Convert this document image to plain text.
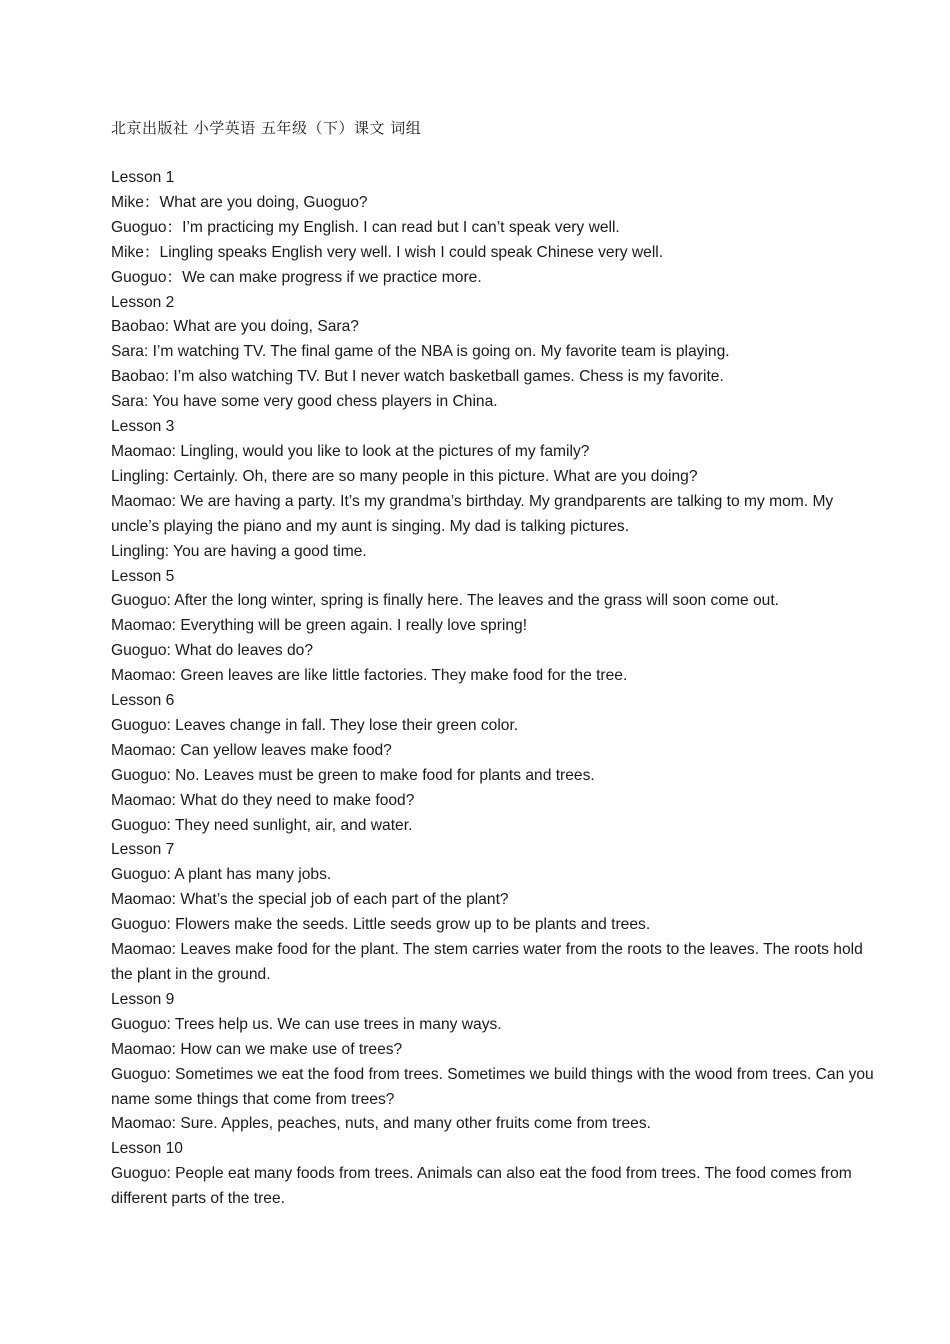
北京出版社 小学英语 五年级（下）课文 词组

Lesson 1

Mike：What are you doing, Guoguo?

Guoguo：I’m practicing my English. I can read but I can’t speak very well.

Mike：Lingling speaks English very well. I wish I could speak Chinese very well.

Guoguo：We can make progress if we practice more.

Lesson 2

Baobao: What are you doing, Sara?

Sara: I’m watching TV. The final game of the NBA is going on. My favorite team is playing.

Baobao: I’m also watching TV. But I never watch basketball games. Chess is my favorite.

Sara: You have some very good chess players in China.

Lesson 3

Maomao: Lingling, would you like to look at the pictures of my family?

Lingling: Certainly. Oh, there are so many people in this picture. What are you doing?

Maomao: We are having a party. It’s my grandma’s birthday. My grandparents are talking to my mom. My uncle’s playing the piano and my aunt is singing. My dad is talking pictures.

Lingling: You are having a good time.

Lesson 5

Guoguo: After the long winter, spring is finally here. The leaves and the grass will soon come out.

Maomao: Everything will be green again. I really love spring!

Guoguo: What do leaves do?

Maomao: Green leaves are like little factories. They make food for the tree.

Lesson 6

Guoguo: Leaves change in fall. They lose their green color.

Maomao: Can yellow leaves make food?

Guoguo: No. Leaves must be green to make food for plants and trees.

Maomao: What do they need to make food?

Guoguo: They need sunlight, air, and water.

Lesson 7

Guoguo: A plant has many jobs.

Maomao: What’s the special job of each part of the plant?

Guoguo: Flowers make the seeds. Little seeds grow up to be plants and trees.

Maomao: Leaves make food for the plant. The stem carries water from the roots to the leaves. The roots hold the plant in the ground.

Lesson 9

Guoguo: Trees help us. We can use trees in many ways.

Maomao: How can we make use of trees?

Guoguo: Sometimes we eat the food from trees. Sometimes we build things with the wood from trees. Can you name some things that come from trees?

Maomao: Sure. Apples, peaches, nuts, and many other fruits come from trees.

Lesson 10

Guoguo: People eat many foods from trees. Animals can also eat the food from trees. The food comes from different parts of the tree.
